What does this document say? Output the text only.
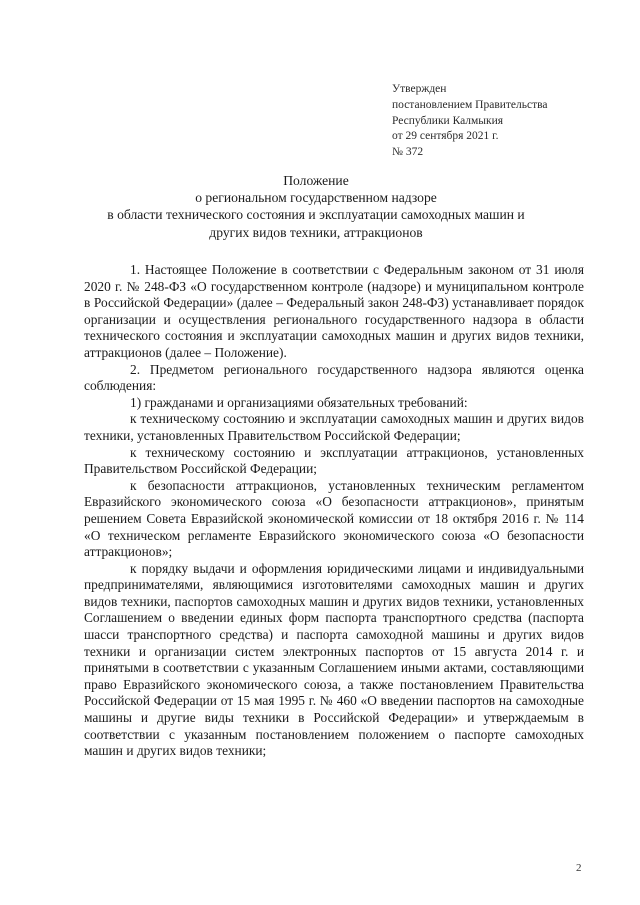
Утвержден
постановлением Правительства
Республики Калмыкия
от 29 сентября 2021 г.
№ 372
Положение
о региональном государственном надзоре
в области технического состояния и эксплуатации самоходных машин и
других видов техники, аттракционов

1. Настоящее Положение в соответствии с Федеральным законом от 31 июля 2020 г. № 248-ФЗ «О государственном контроле (надзоре) и муниципальном контроле в Российской Федерации» (далее – Федеральный закон 248-ФЗ) устанавливает порядок организации и осуществления регионального государственного надзора в области технического состояния и эксплуатации самоходных машин и других видов техники, аттракционов (далее – Положение).

2. Предметом регионального государственного надзора являются оценка соблюдения:

1) гражданами и организациями обязательных требований:

к техническому состоянию и эксплуатации самоходных машин и других видов техники, установленных Правительством Российской Федерации;

к техническому состоянию и эксплуатации аттракционов, установленных Правительством Российской Федерации;

к безопасности аттракционов, установленных техническим регламентом Евразийского экономического союза «О безопасности аттракционов», принятым решением Совета Евразийской экономической комиссии от 18 октября 2016 г. № 114 «О техническом регламенте Евразийского экономического союза «О безопасности аттракционов»;

к порядку выдачи и оформления юридическими лицами и индивидуальными предпринимателями, являющимися изготовителями самоходных машин и других видов техники, паспортов самоходных машин и других видов техники, установленных Соглашением о введении единых форм паспорта транспортного средства (паспорта шасси транспортного средства) и паспорта самоходной машины и других видов техники и организации систем электронных паспортов от 15 августа 2014 г. и принятыми в соответствии с указанным Соглашением иными актами, составляющими право Евразийского экономического союза, а также постановлением Правительства Российской Федерации от 15 мая 1995 г. № 460 «О введении паспортов на самоходные машины и другие виды техники в Российской Федерации» и утверждаемым в соответствии с указанным постановлением положением о паспорте самоходных машин и других видов техники;

2
